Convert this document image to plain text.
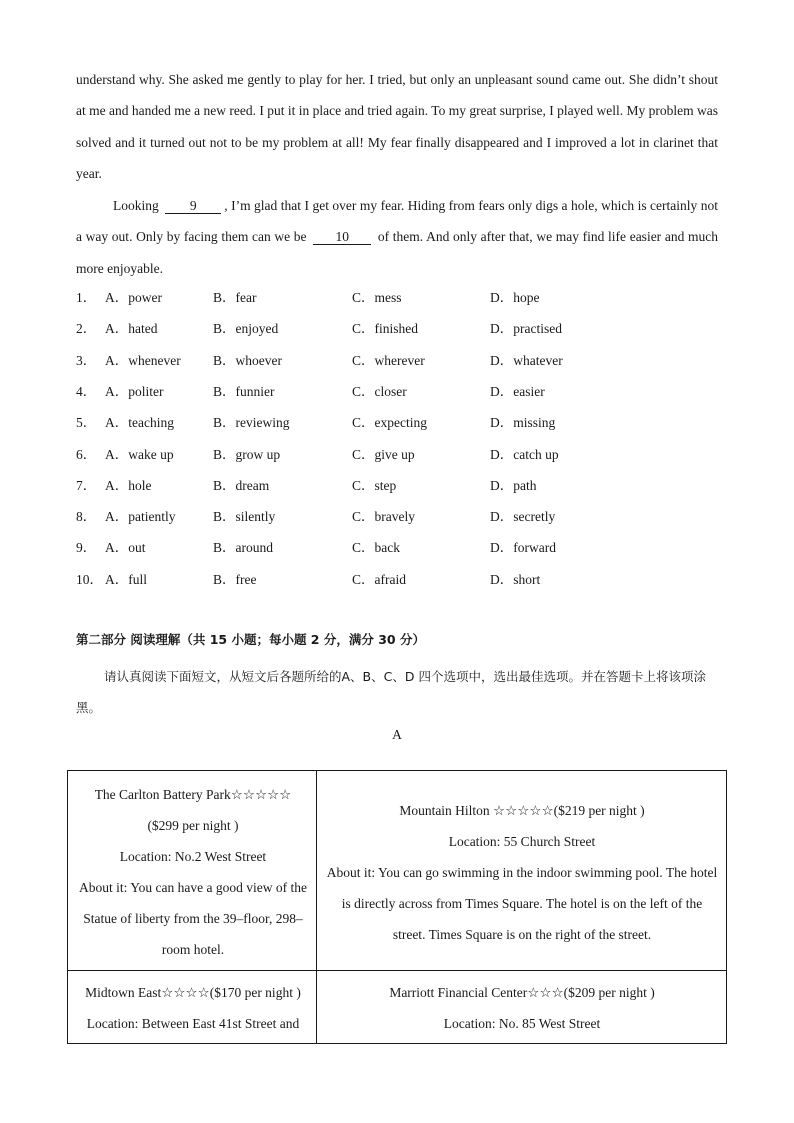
understand why. She asked me gently to play for her. I tried, but only an unpleasant sound came out. She didn’t shout at me and handed me a new reed. I put it in place and tried again. To my great surprise, I played well. My problem was solved and it turned out not to be my problem at all! My fear finally disappeared and I improved a lot in clarinet that year.
Looking 9 , I’m glad that I get over my fear. Hiding from fears only digs a hole, which is certainly not a way out. Only by facing them can we be 10 of them. And only after that, we may find life easier and much more enjoyable.
1． A．power	B．fear	C．mess	D．hope
2． A．hated	B．enjoyed	C．finished	D．practised
3． A．whenever B．whoever	C．wherever	D．whatever
4． A．politer	B．funnier	C．closer	D．easier
5． A．teaching	B．reviewing	C．expecting	D．missing
6． A．wake up	B．grow up	C．give up	D．catch up
7． A．hole	B．dream	C．step	D．path
8． A．patiently	B．silently	C．bravely	D．secretly
9． A．out	B．around	C．back	D．forward
10． A．full	B．free	C．afraid	D．short
第二部分 阅读理解（共 15 小题；每小题 2 分，满分 30 分）
请认真阅读下面短文，从短文后各题所给的A、B、C、D 四个选项中，选出最佳选项。并在答题卡上将该项涂黑。
A
The Carlton Battery Park☆☆☆☆☆
($299 per night )
Location: No.2 West Street
About it: You can have a good view of the Statue of liberty from the 39–floor, 298–room hotel.
Mountain Hilton ☆☆☆☆☆($219 per night )
Location: 55 Church Street
About it: You can go swimming in the indoor swimming pool. The hotel is directly across from Times Square. The hotel is on the left of the street. Times Square is on the right of the street.
Midtown East☆☆☆☆($170 per night )
Location: Between East 41st Street and
Marriott Financial Center☆☆☆($209 per night )
Location: No. 85 West Street
